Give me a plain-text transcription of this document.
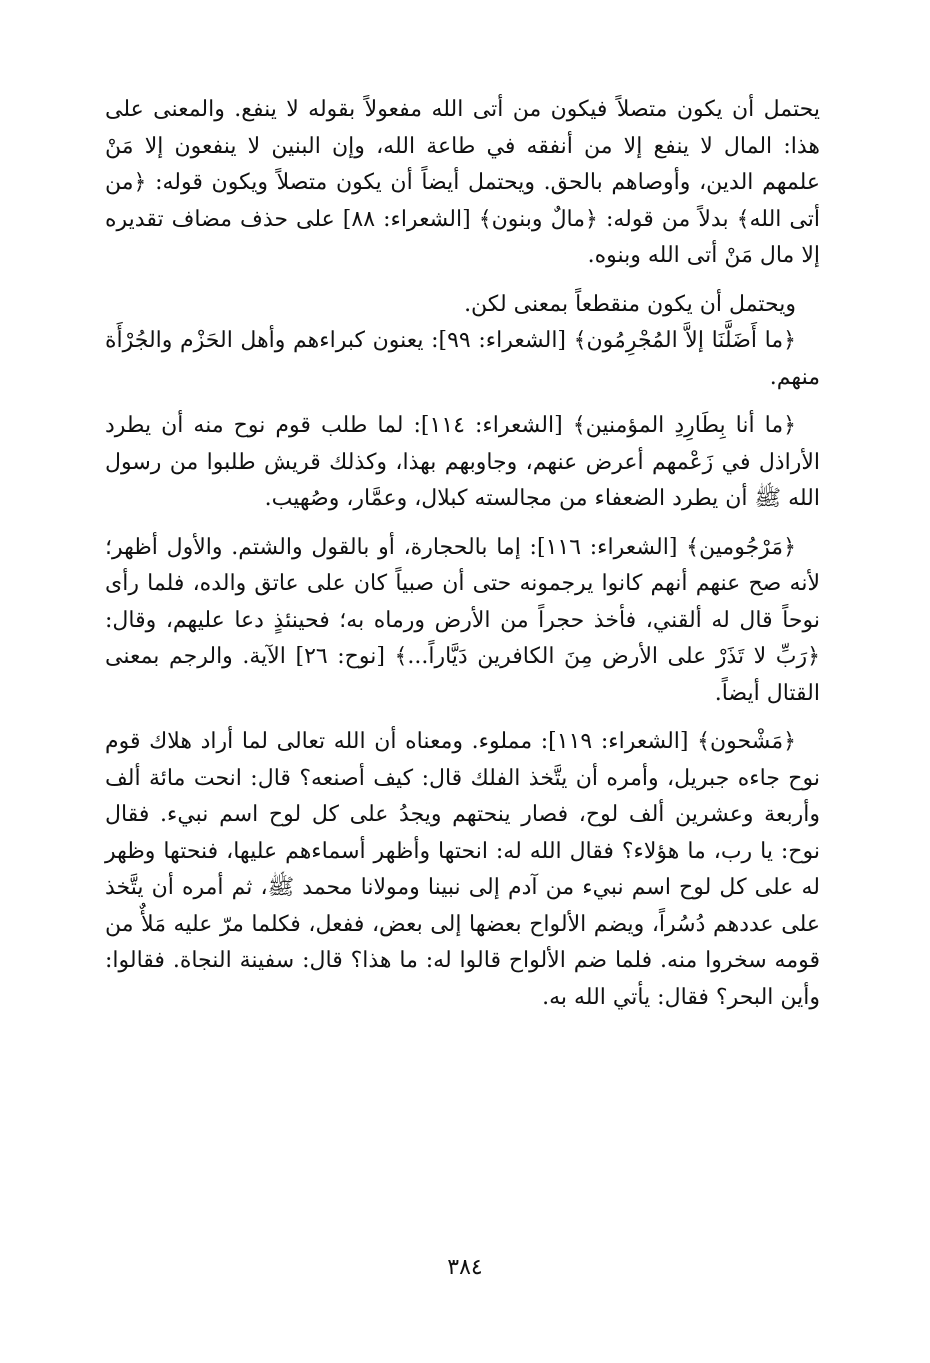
يحتمل أن يكون متصلاً فيكون من أتى الله مفعولاً بقوله لا ينفع. والمعنى على هذا: المال لا ينفع إلا من أنفقه في طاعة الله، وإن البنين لا ينفعون إلا مَنْ علمهم الدين، وأوصاهم بالحق. ويحتمل أيضاً أن يكون متصلاً ويكون قوله: ﴿من أتى الله﴾ بدلاً من قوله: ﴿مالٌ وبنون﴾ [الشعراء: ٨٨] على حذف مضاف تقديره إلا مال مَنْ أتى الله وبنوه.

ويحتمل أن يكون منقطعاً بمعنى لكن.

﴿ما أَضَلَّنَا إلاَّ المُجْرِمُون﴾ [الشعراء: ٩٩]: يعنون كبراءهم وأهل الحَزْم والجُرْأَة منهم.

﴿ما أنا بِطَارِدِ المؤمنين﴾ [الشعراء: ١١٤]: لما طلب قوم نوح منه أن يطرد الأراذل في زَعْمهم أعرض عنهم، وجاوبهم بهذا، وكذلك قريش طلبوا من رسول الله ﷺ أن يطرد الضعفاء من مجالسته كبلال، وعمَّار، وصُهيب.

﴿مَرْجُومين﴾ [الشعراء: ١١٦]: إما بالحجارة، أو بالقول والشتم. والأول أظهر؛ لأنه صح عنهم أنهم كانوا يرجمونه حتى أن صبياً كان على عاتق والده، فلما رأى نوحاً قال له ألقني، فأخذ حجراً من الأرض ورماه به؛ فحينئذٍ دعا عليهم، وقال: ﴿رَبِّ لا تَذَرْ على الأرض مِنَ الكافرين دَيَّاراً...﴾ [نوح: ٢٦] الآية. والرجم بمعنى القتال أيضاً.

﴿مَشْحون﴾ [الشعراء: ١١٩]: مملوء. ومعناه أن الله تعالى لما أراد هلاك قوم نوح جاءه جبريل، وأمره أن يتَّخذ الفلك قال: كيف أصنعه؟ قال: انحت مائة ألف وأربعة وعشرين ألف لوح، فصار ينحتهم ويجدُ على كل لوح اسم نبيء. فقال نوح: يا رب، ما هؤلاء؟ فقال الله له: انحتها وأظهر أسماءهم عليها، فنحتها وظهر له على كل لوح اسم نبيء من آدم إلى نبينا ومولانا محمد ﷺ، ثم أمره أن يتَّخذ على عددهم دُسُراً، ويضم الألواح بعضها إلى بعض، ففعل، فكلما مرّ عليه مَلأٌ من قومه سخروا منه. فلما ضم الألواح قالوا له: ما هذا؟ قال: سفينة النجاة. فقالوا: وأين البحر؟ فقال: يأتي الله به.

٣٨٤
